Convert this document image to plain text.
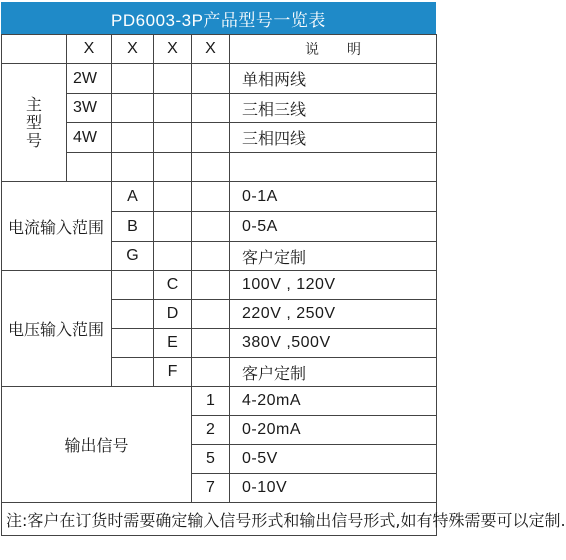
PD6003-3P产品型号一览表
	X	X	X	X	说　　明

主
型
号	2W				单相两线
	3W				三相三线
	4W				三相四线

电流输入范围		A			0-1A
		B			0-5A
		G			客户定制
电压输入范围			C		100V , 120V
			D		220V , 250V
			E		380V ,500V
			F		客户定制
输出信号				1	4-20mA
				2	0-20mA
				5	0-5V
				7	0-10V
注:客户在订货时需要确定输入信号形式和输出信号形式,如有特殊需要可以定制.					
